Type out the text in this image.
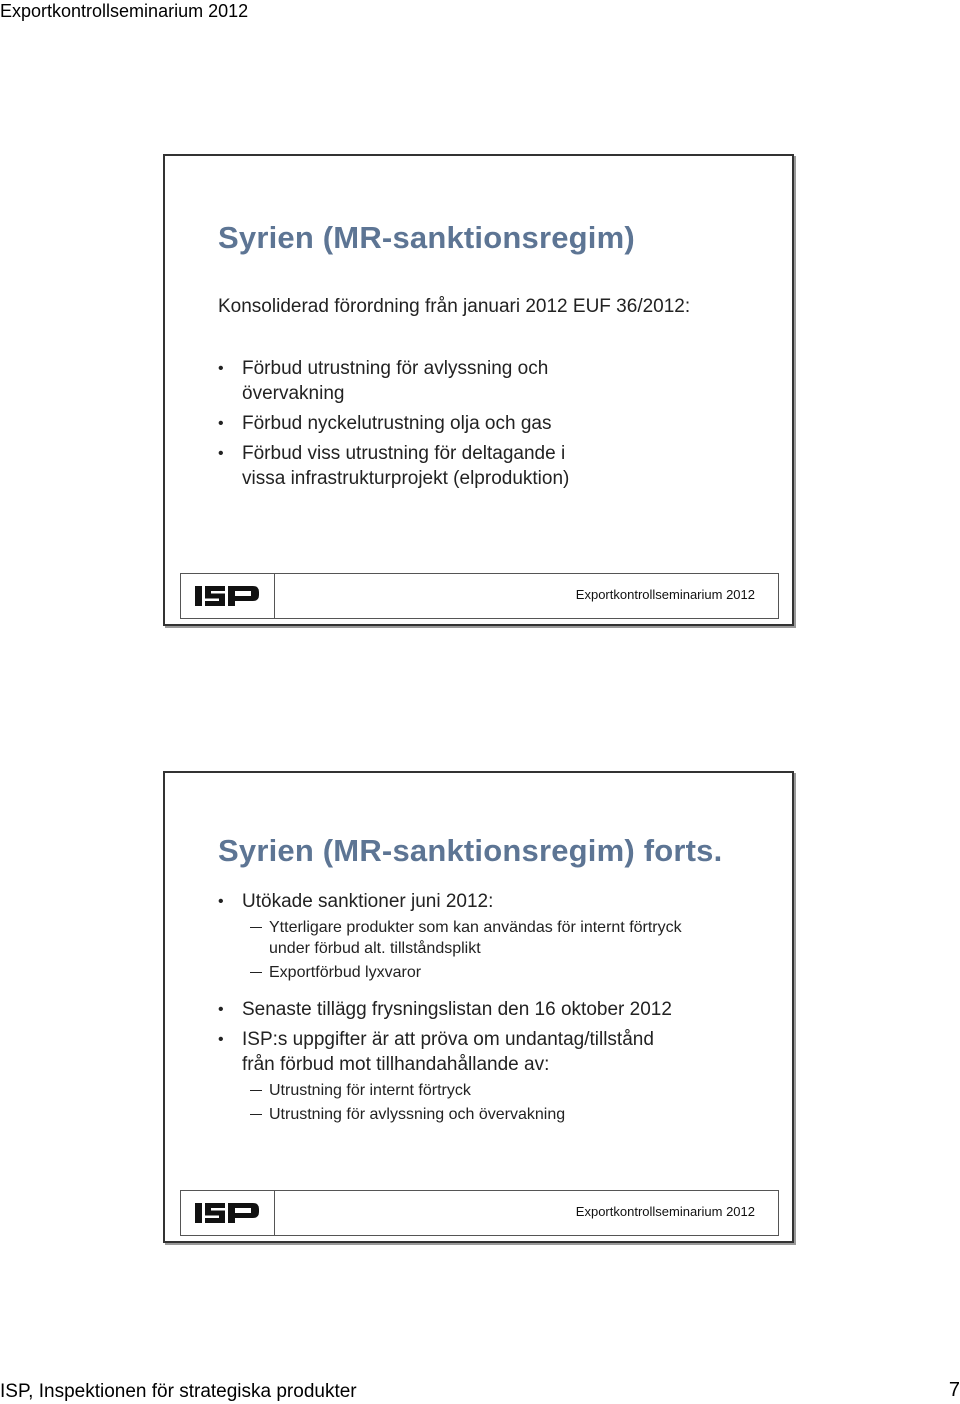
Exportkontrollseminarium 2012
Syrien (MR-sanktionsregim)
Konsoliderad förordning från januari 2012 EUF 36/2012:
• Förbud utrustning för avlyssning och
övervakning
• Förbud nyckelutrustning olja och gas
• Förbud viss utrustning för deltagande i
vissa infrastrukturprojekt (elproduktion)
Exportkontrollseminarium 2012
Syrien (MR-sanktionsregim) forts.
• Utökade sanktioner juni 2012:
Ytterligare produkter som kan användas för internt förtryck
under förbud alt. tillståndsplikt
Exportförbud lyxvaror
• Senaste tillägg frysningslistan den 16 oktober 2012
• ISP:s uppgifter är att pröva om undantag/tillstånd
från förbud mot tillhandahållande av:
Utrustning för internt förtryck
Utrustning för avlyssning och övervakning
Exportkontrollseminarium 2012
ISP, Inspektionen för strategiska produkter	7
